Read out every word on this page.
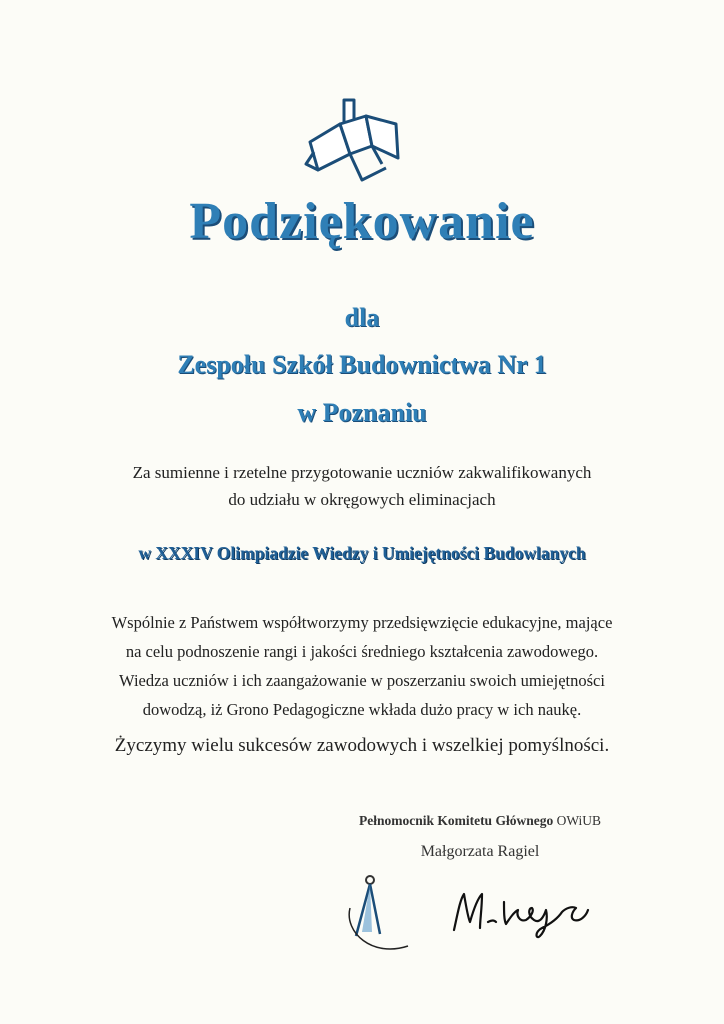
Podziękowanie
dla
Zespołu Szkół Budownictwa Nr 1
w Poznaniu
Za sumienne i rzetelne przygotowanie uczniów zakwalifikowanych
do udziału w okręgowych eliminacjach
w XXXIV Olimpiadzie Wiedzy i Umiejętności Budowlanych
Wspólnie z Państwem współtworzymy przedsięwzięcie edukacyjne, mające
na celu podnoszenie rangi i jakości średniego kształcenia zawodowego.
Wiedza uczniów i ich zaangażowanie w poszerzaniu swoich umiejętności
dowodzą, iż Grono Pedagogiczne wkłada dużo pracy w ich naukę.
Życzymy wielu sukcesów zawodowych i wszelkiej pomyślności.
Pełnomocnik Komitetu Głównego OWiUB
Małgorzata Ragiel
